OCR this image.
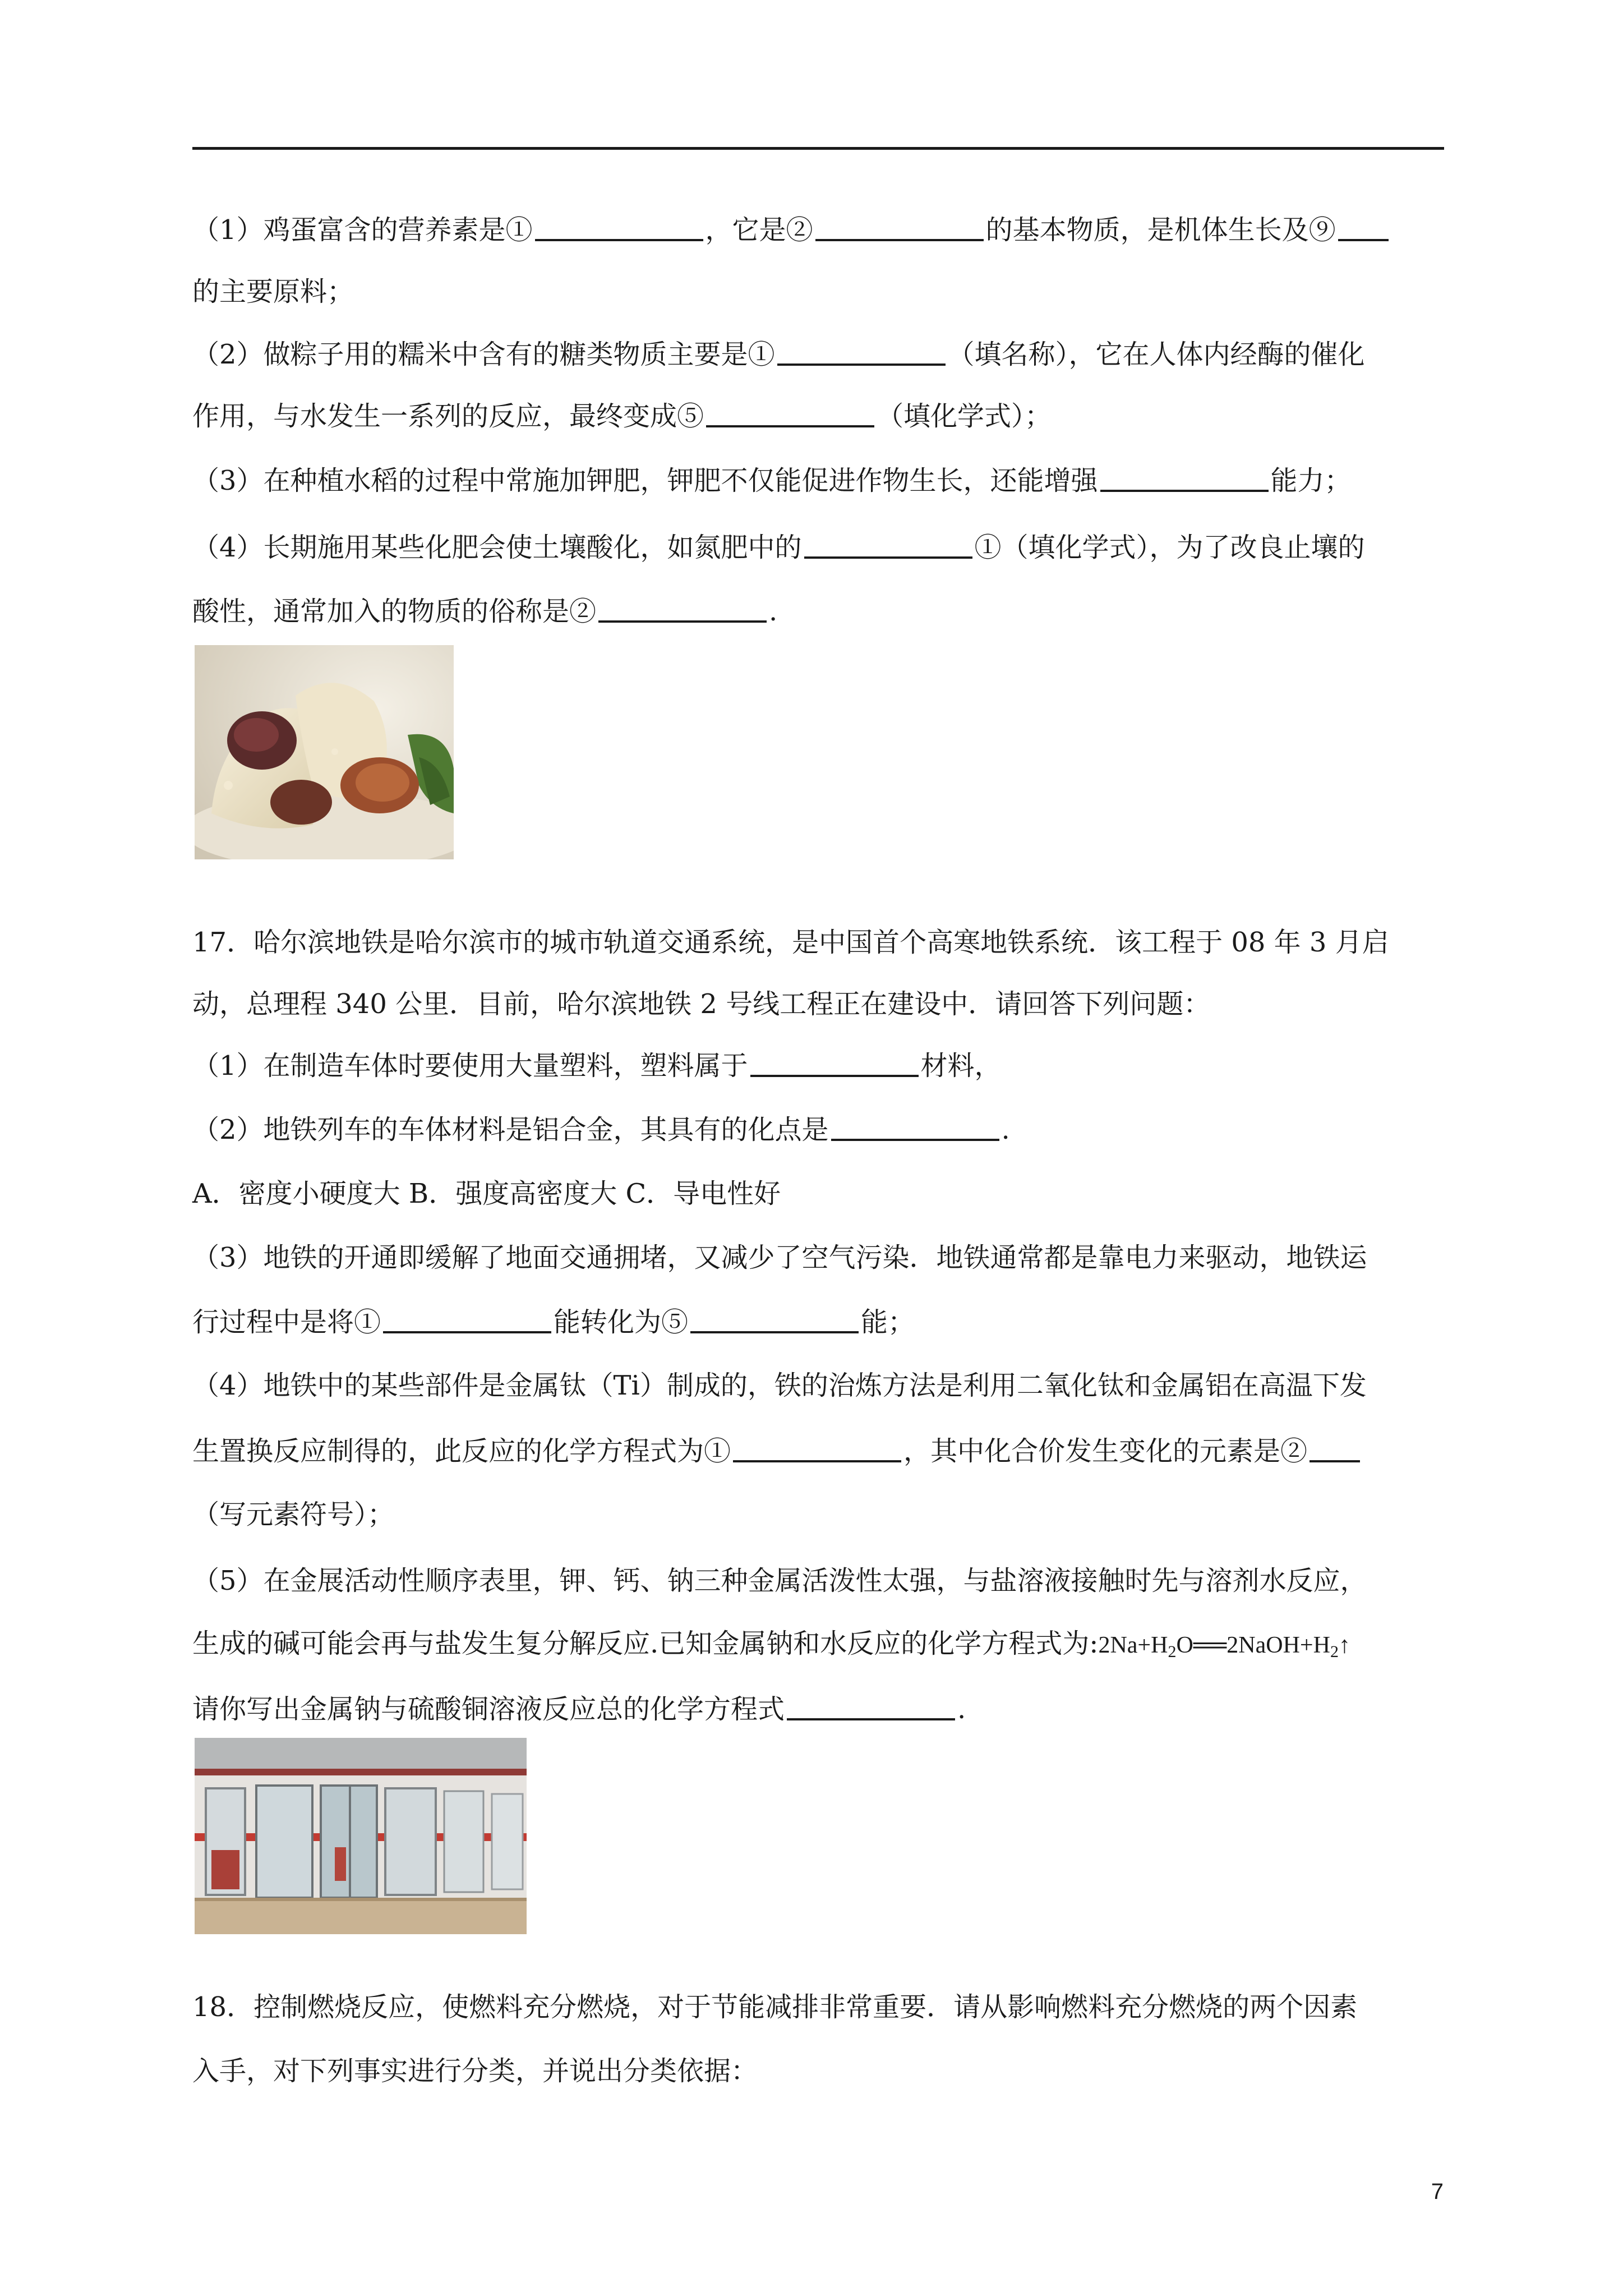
（1）鸡蛋富含的营养素是①	，它是②	的基本物质，是机体生长及⑨
的主要原料；
（2）做粽子用的糯米中含有的糖类物质主要是①	（填名称），它在人体内经酶的催化
作用，与水发生一系列的反应，最终变成⑤	（填化学式）；
（3）在种植水稻的过程中常施加钾肥，钾肥不仅能促进作物生长，还能增强	能力；
（4）长期施用某些化肥会使土壤酸化，如氮肥中的	①（填化学式），为了改良止壤的
酸性，通常加入的物质的俗称是②	.
17．哈尔滨地铁是哈尔滨市的城市轨道交通系统，是中国首个高寒地铁系统．该工程于 08 年 3 月启
动，总理程 340 公里．目前，哈尔滨地铁 2 号线工程正在建设中．请回答下列问题：
（1）在制造车体时要使用大量塑料，塑料属于	材料，
（2）地铁列车的车体材料是铝合金，其具有的化点是	.
A．密度小硬度大 B．强度高密度大 C．导电性好
（3）地铁的开通即缓解了地面交通拥堵，又减少了空气污染．地铁通常都是靠电力来驱动，地铁运
行过程中是将①	能转化为⑤	能；
（4）地铁中的某些部件是金属钛（Ti）制成的，铁的治炼方法是利用二氧化钛和金属铝在高温下发
生置换反应制得的，此反应的化学方程式为①	，其中化合价发生变化的元素是②
（写元素符号）；
（5）在金展活动性顺序表里，钾、钙、钠三种金属活泼性太强，与盐溶液接触时先与溶剂水反应，
生成的碱可能会再与盐发生复分解反应.已知金属钠和水反应的化学方程式为$:2Na+H_2O══2NaOH+H_2↑$
请你写出金属钠与硫酸铜溶液反应总的化学方程式	.
18．控制燃烧反应，使燃料充分燃烧，对于节能减排非常重要．请从影响燃料充分燃烧的两个因素
入手，对下列事实进行分类，并说出分类依据：
7
